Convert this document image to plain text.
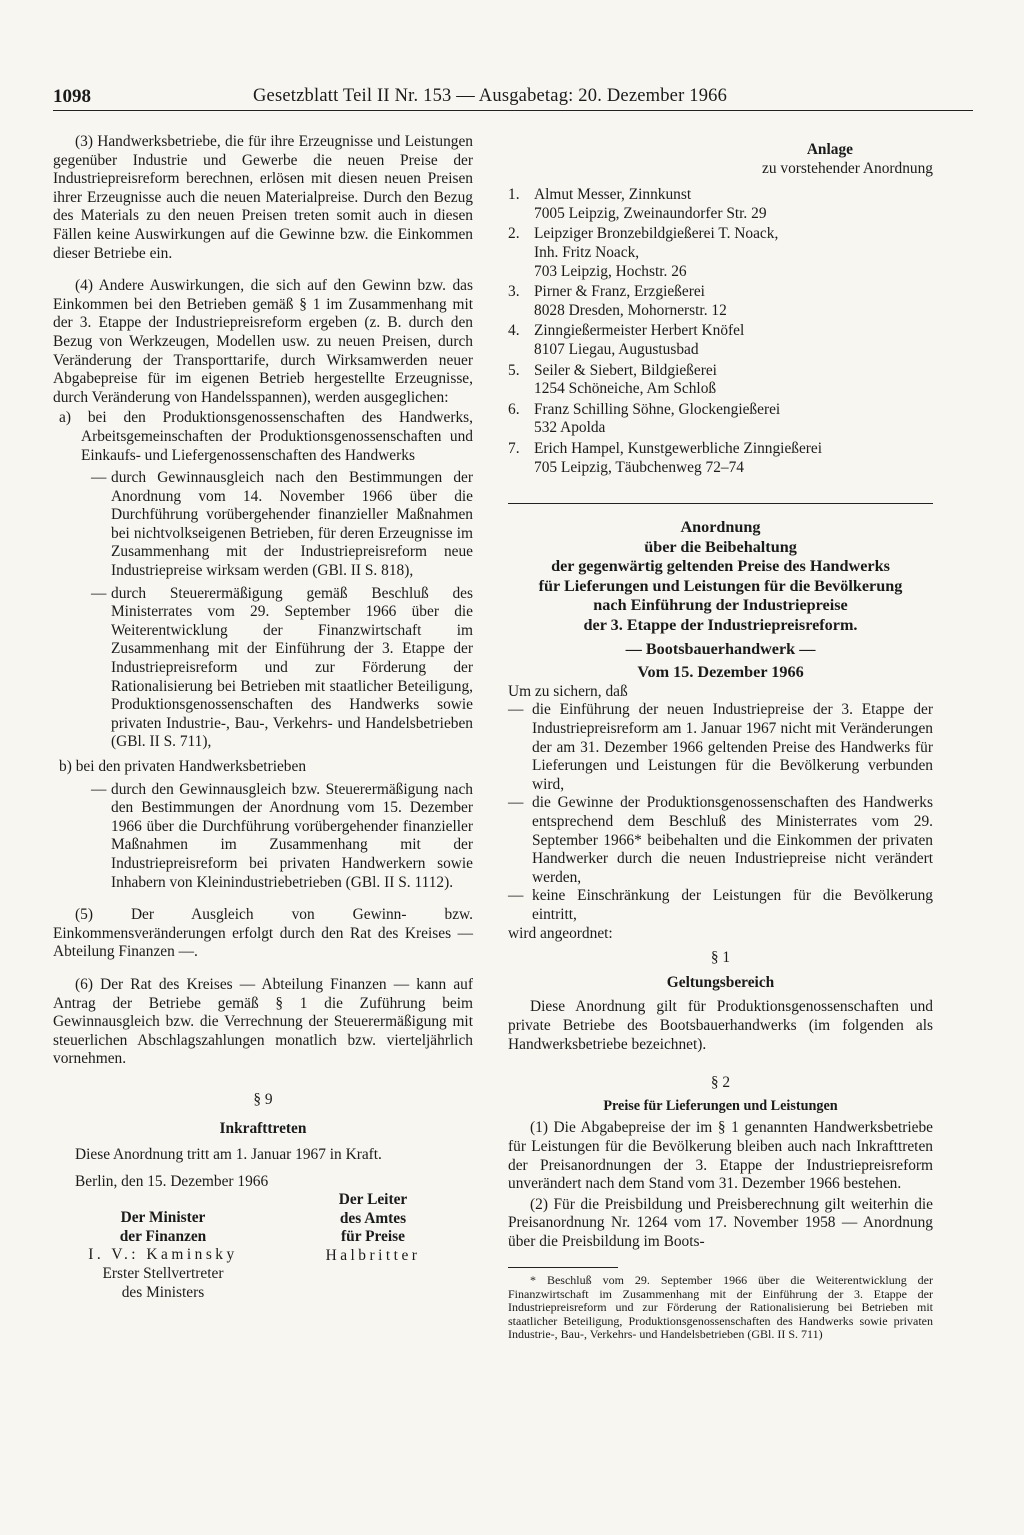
1098	Gesetzblatt Teil II Nr. 153 — Ausgabetag: 20. Dezember 1966

(3) Handwerksbetriebe, die für ihre Erzeugnisse und Leistungen gegenüber Industrie und Gewerbe die neuen Preise der Industriepreisreform berechnen, erlösen mit diesen neuen Preisen ihrer Erzeugnisse auch die neuen Materialpreise. Durch den Bezug des Materials zu den neuen Preisen treten somit auch in diesen Fällen keine Auswirkungen auf die Gewinne bzw. die Einkommen dieser Betriebe ein.

(4) Andere Auswirkungen, die sich auf den Gewinn bzw. das Einkommen bei den Betrieben gemäß § 1 im Zusammenhang mit der 3. Etappe der Industriepreisreform ergeben (z. B. durch den Bezug von Werkzeugen, Modellen usw. zu neuen Preisen, durch Veränderung der Transporttarife, durch Wirksamwerden neuer Abgabepreise für im eigenen Betrieb hergestellte Erzeugnisse, durch Veränderung von Handelsspannen), werden ausgeglichen:

a) bei den Produktionsgenossenschaften des Handwerks, Arbeitsgemeinschaften der Produktionsgenossenschaften und Einkaufs- und Liefergenossenschaften des Handwerks

— durch Gewinnausgleich nach den Bestimmungen der Anordnung vom 14. November 1966 über die Durchführung vorübergehender finanzieller Maßnahmen bei nichtvolkseigenen Betrieben, für deren Erzeugnisse im Zusammenhang mit der Industriepreisreform neue Industriepreise wirksam werden (GBl. II S. 818),
— durch Steuerermäßigung gemäß Beschluß des Ministerrates vom 29. September 1966 über die Weiterentwicklung der Finanzwirtschaft im Zusammenhang mit der Einführung der 3. Etappe der Industriepreisreform und zur Förderung der Rationalisierung bei Betrieben mit staatlicher Beteiligung, Produktionsgenossenschaften des Handwerks sowie privaten Industrie-, Bau-, Verkehrs- und Handelsbetrieben (GBl. II S. 711),

b) bei den privaten Handwerksbetrieben

— durch den Gewinnausgleich bzw. Steuerermäßigung nach den Bestimmungen der Anordnung vom 15. Dezember 1966 über die Durchführung vorübergehender finanzieller Maßnahmen im Zusammenhang mit der Industriepreisreform bei privaten Handwerkern sowie Inhabern von Kleinindustriebetrieben (GBl. II S. 1112).

(5) Der Ausgleich von Gewinn- bzw. Einkommensveränderungen erfolgt durch den Rat des Kreises — Abteilung Finanzen —.

(6) Der Rat des Kreises — Abteilung Finanzen — kann auf Antrag der Betriebe gemäß § 1 die Zuführung beim Gewinnausgleich bzw. die Verrechnung der Steuerermäßigung mit steuerlichen Abschlagszahlungen monatlich bzw. vierteljährlich vornehmen.

§ 9

Inkrafttreten

Diese Anordnung tritt am 1. Januar 1967 in Kraft.

Berlin, den 15. Dezember 1966

Der Minister
der Finanzen
I. V.: Kaminsky
Erster Stellvertreter
des Ministers
Der Leiter
des Amtes
für Preise
Halbritter

Anlage

zu vorstehender Anordnung

1. Almut Messer, Zinnkunst
7005 Leipzig, Zweinaundorfer Str. 29
2. Leipziger Bronzebildgießerei T. Noack,
Inh. Fritz Noack,
703 Leipzig, Hochstr. 26
3. Pirner & Franz, Erzgießerei
8028 Dresden, Mohornerstr. 12
4. Zinngießermeister Herbert Knöfel
8107 Liegau, Augustusbad
5. Seiler & Siebert, Bildgießerei
1254 Schöneiche, Am Schloß
6. Franz Schilling Söhne, Glockengießerei
532 Apolda
7. Erich Hampel, Kunstgewerbliche Zinngießerei
705 Leipzig, Täubchenweg 72–74
Anordnung
über die Beibehaltung
der gegenwärtig geltenden Preise des Handwerks
für Lieferungen und Leistungen für die Bevölkerung
nach Einführung der Industriepreise
der 3. Etappe der Industriepreisreform.
— Bootsbauerhandwerk —
Vom 15. Dezember 1966

Um zu sichern, daß

— die Einführung der neuen Industriepreise der 3. Etappe der Industriepreisreform am 1. Januar 1967 nicht mit Veränderungen der am 31. Dezember 1966 geltenden Preise des Handwerks für Lieferungen und Leistungen für die Bevölkerung verbunden wird,
— die Gewinne der Produktionsgenossenschaften des Handwerks entsprechend dem Beschluß des Ministerrates vom 29. September 1966* beibehalten und die Einkommen der privaten Handwerker durch die neuen Industriepreise nicht verändert werden,
— keine Einschränkung der Leistungen für die Bevölkerung eintritt,

wird angeordnet:

§ 1

Geltungsbereich

Diese Anordnung gilt für Produktionsgenossenschaften und private Betriebe des Bootsbauerhandwerks (im folgenden als Handwerksbetriebe bezeichnet).

§ 2

Preise für Lieferungen und Leistungen

(1) Die Abgabepreise der im § 1 genannten Handwerksbetriebe für Leistungen für die Bevölkerung bleiben auch nach Inkrafttreten der Preisanordnungen der 3. Etappe der Industriepreisreform unverändert nach dem Stand vom 31. Dezember 1966 bestehen.

(2) Für die Preisbildung und Preisberechnung gilt weiterhin die Preisanordnung Nr. 1264 vom 17. November 1958 — Anordnung über die Preisbildung im Boots-

* Beschluß vom 29. September 1966 über die Weiterentwicklung der Finanzwirtschaft im Zusammenhang mit der Einführung der 3. Etappe der Industriepreisreform und zur Förderung der Rationalisierung bei Betrieben mit staatlicher Beteiligung, Produktionsgenossenschaften des Handwerks sowie privaten Industrie-, Bau-, Verkehrs- und Handelsbetrieben (GBl. II S. 711)
